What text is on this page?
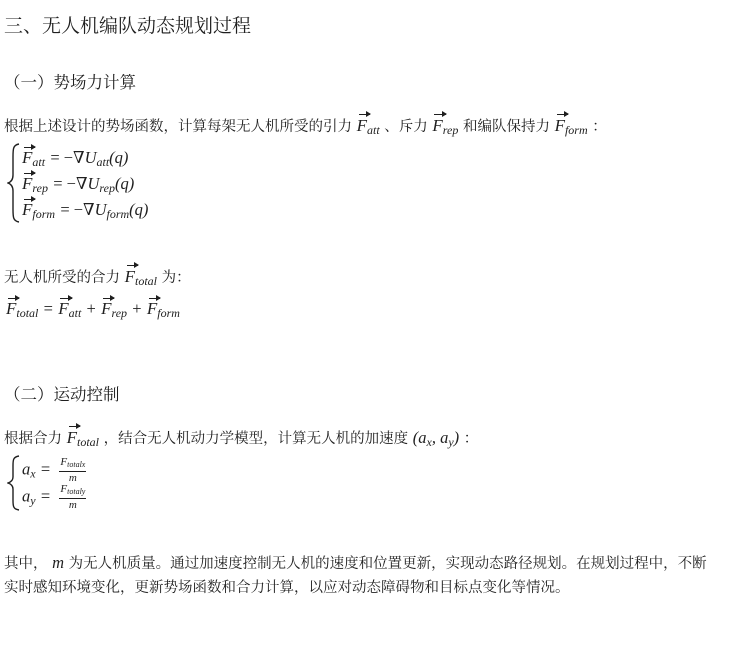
三、无人机编队动态规划过程
（一）势场力计算
根据上述设计的势场函数，计算每架无人机所受的引力 $F_{att}$ 、斥力 $F_{rep}$ 和编队保持力 $F_{form}$ ：
$F_{att} = -\nabla U_{att}(q)$
$F_{rep} = -\nabla U_{rep}(q)$
$F_{form} = -\nabla U_{form}(q)$
无人机所受的合力 $F_{total}$ 为：
$F_{total} = F_{att} + F_{rep} + F_{form}$
（二）运动控制
根据合力 $F_{total}$ ，结合无人机动力学模型，计算无人机的加速度 ($a_x$, $a_y$) ：
$a_x = \frac{\text{Ftotalx}}{m}$
$a_y = \frac{\text{Ftotaly}}{m}$
其中， m 为无人机质量。通过加速度控制无人机的速度和位置更新，实现动态路径规划。在规划过程中，不断实时感知环境变化，更新势场函数和合力计算，以应对动态障碍物和目标点变化等情况。
